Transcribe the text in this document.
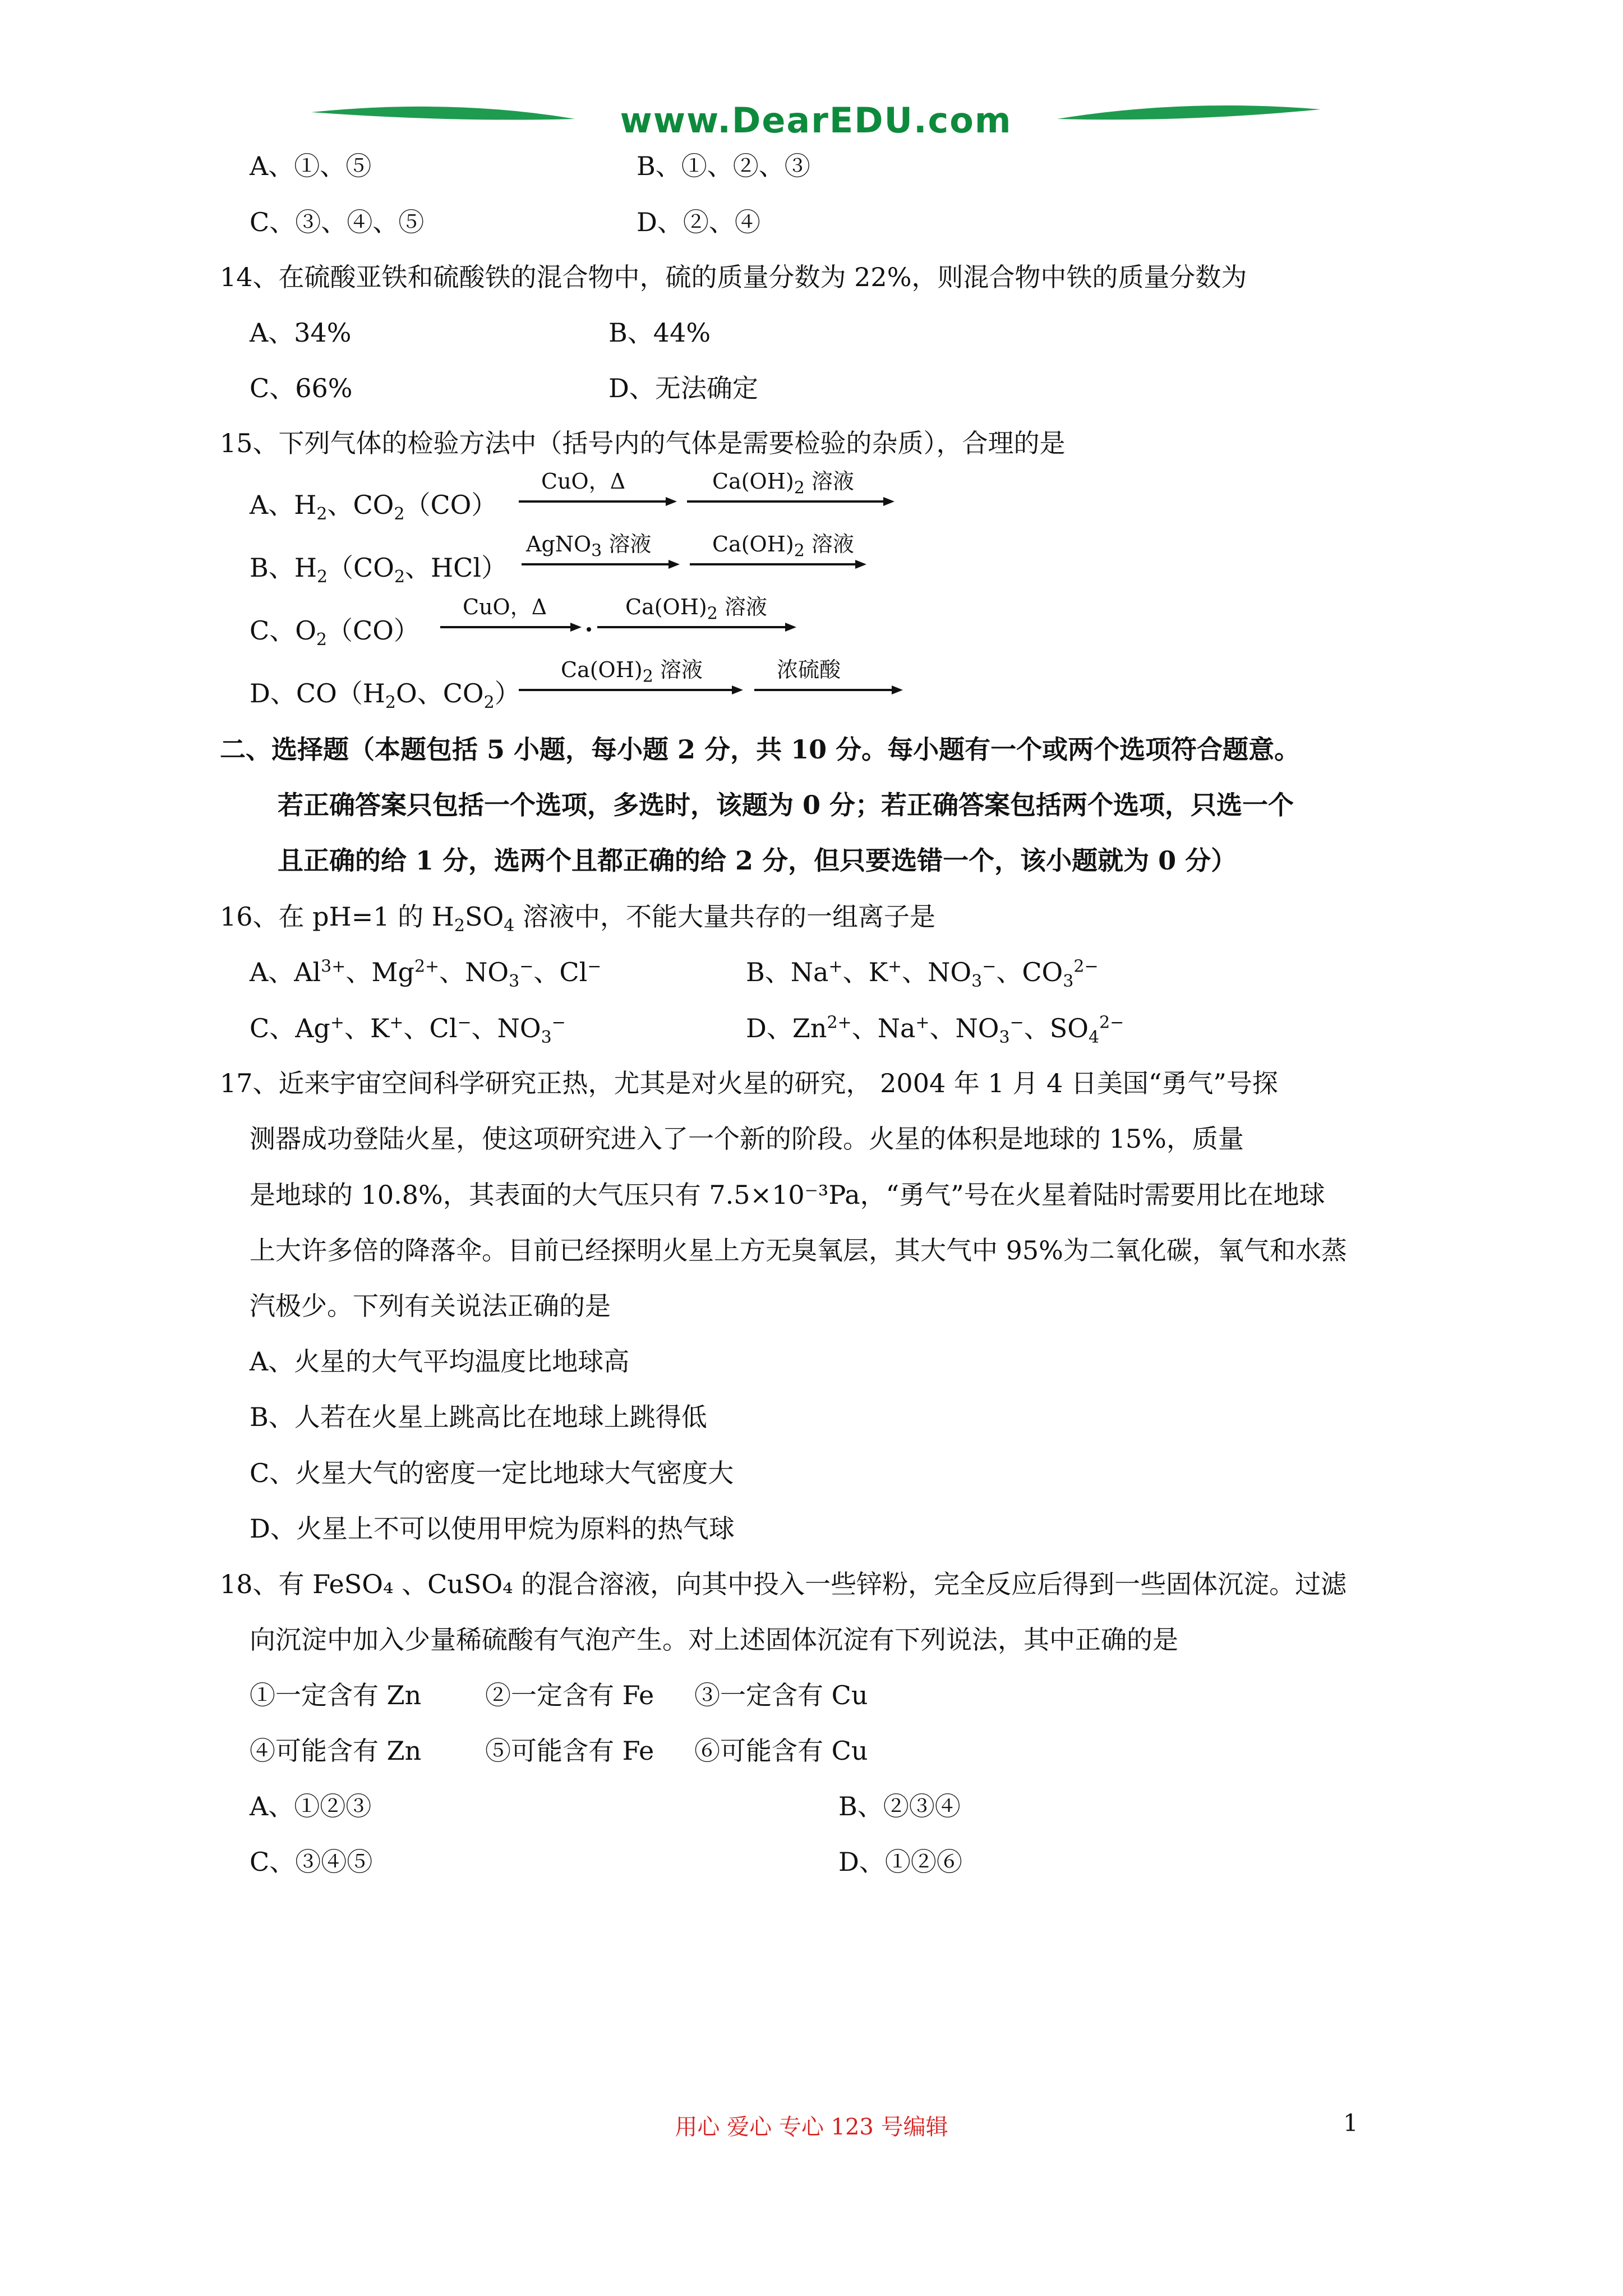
www.DearEDU.com
A、①、⑤	B、①、②、③
C、③、④、⑤	D、②、④
14、在硫酸亚铁和硫酸铁的混合物中，硫的质量分数为 22%，则混合物中铁的质量分数为
A、34%	B、44%
C、66%	D、无法确定
15、下列气体的检验方法中（括号内的气体是需要检验的杂质），合理的是
A、$H_2$、$CO_2(CO)$
CuO，Δ	$Ca(OH)_2$ 溶液
B、$H_2(CO_2$、HCl）
AgNO$_3$ 溶液	$Ca(OH)_2$ 溶液
C、$O_2(CO)$
CuO，Δ	$Ca(OH)_2$ 溶液
D、$CO(H_2O$、$CO_2$）
$Ca(OH)_2$ 溶液	浓硫酸
二、选择题（本题包括 5 小题，每小题 2 分，共 10 分。每小题有一个或两个选项符合题意。
若正确答案只包括一个选项，多选时，该题为 0 分；若正确答案包括两个选项，只选一个
且正确的给 1 分，选两个且都正确的给 2 分，但只要选错一个，该小题就为 0 分）
16、在 pH=1 的 $H_2SO_4$ 溶液中，不能大量共存的一组离子是
A、$Al^{3+}$、$Mg^{2+}$、$NO_3^-$、Cl−	B、Na+、K+、$NO_3^-$、$CO_3^{2-}$
C、Ag+、K+、Cl−、$NO_3^-$	D、$Zn^{2+}$、Na+、$NO_3^-$、$SO_4^{2-}$
17、近来宇宙空间科学研究正热，尤其是对火星的研究， 2004 年 1 月 4 日美国“勇气”号探
测器成功登陆火星，使这项研究进入了一个新的阶段。火星的体积是地球的 15%，质量
是地球的 10.8%，其表面的大气压只有 7.5×10⁻³Pa，“勇气”号在火星着陆时需要用比在地球
上大许多倍的降落伞。目前已经探明火星上方无臭氧层，其大气中 95%为二氧化碳，氧气和水蒸
汽极少。下列有关说法正确的是
A、火星的大气平均温度比地球高
B、人若在火星上跳高比在地球上跳得低
C、火星大气的密度一定比地球大气密度大
D、火星上不可以使用甲烷为原料的热气球
18、有 FeSO₄ 、CuSO₄ 的混合溶液，向其中投入一些锌粉，完全反应后得到一些固体沉淀。过滤
向沉淀中加入少量稀硫酸有气泡产生。对上述固体沉淀有下列说法，其中正确的是
①一定含有 Zn ②一定含有 Fe ③一定含有 Cu
④可能含有 Zn ⑤可能含有 Fe ⑥可能含有 Cu
A、①②③	B、②③④
C、③④⑤	D、①②⑥
用心 爱心 专心 123 号编辑	1
